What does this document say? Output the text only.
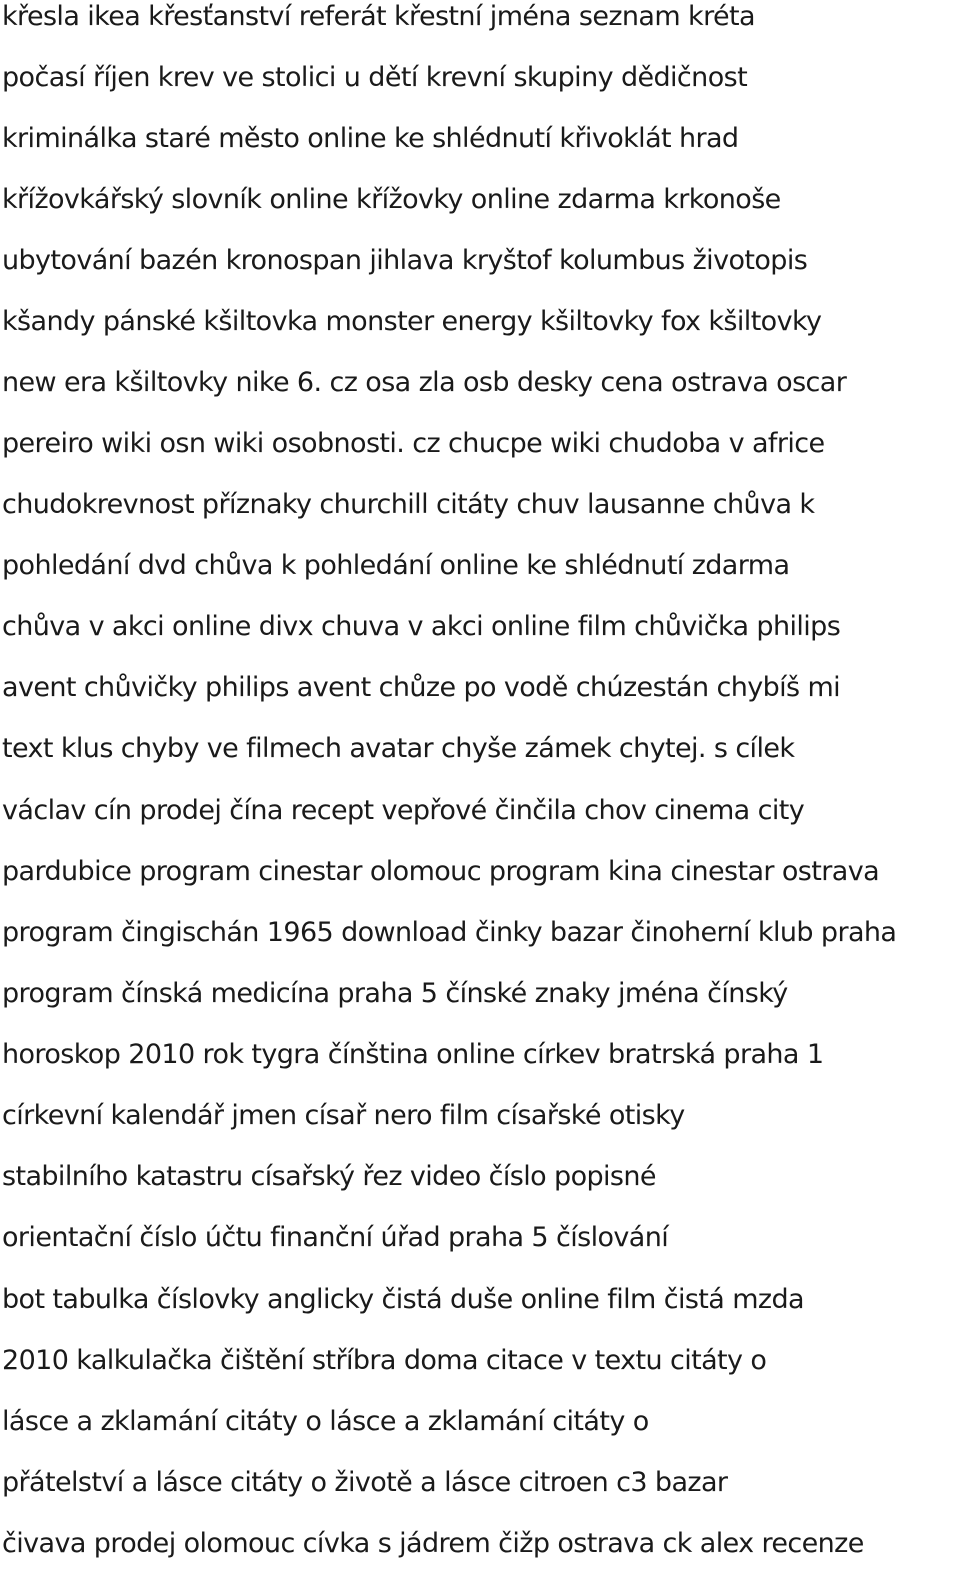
křesla ikea křesťanství referát křestní jména seznam kréta
počasí říjen krev ve stolici u dětí krevní skupiny dědičnost
kriminálka staré město online ke shlédnutí křivoklát hrad
křížovkářský slovník online křížovky online zdarma krkonoše
ubytování bazén kronospan jihlava kryštof kolumbus životopis
kšandy pánské kšiltovka monster energy kšiltovky fox kšiltovky
new era kšiltovky nike 6. cz osa zla osb desky cena ostrava oscar
pereiro wiki osn wiki osobnosti. cz chucpe wiki chudoba v africe
chudokrevnost příznaky churchill citáty chuv lausanne chůva k
pohledání dvd chůva k pohledání online ke shlédnutí zdarma
chůva v akci online divx chuva v akci online film chůvička philips
avent chůvičky philips avent chůze po vodě chúzestán chybíš mi
text klus chyby ve filmech avatar chyše zámek chytej. s cílek
václav cín prodej čína recept vepřové činčila chov cinema city
pardubice program cinestar olomouc program kina cinestar ostrava
program čingischán 1965 download činky bazar činoherní klub praha
program čínská medicína praha 5 čínské znaky jména čínský
horoskop 2010 rok tygra čínština online církev bratrská praha 1
církevní kalendář jmen císař nero film císařské otisky
stabilního katastru císařský řez video číslo popisné
orientační číslo účtu finanční úřad praha 5 číslování
bot tabulka číslovky anglicky čistá duše online film čistá mzda
2010 kalkulačka čištění stříbra doma citace v textu citáty o
lásce a zklamání citáty o lásce a zklamání citáty o
přátelství a lásce citáty o životě a lásce citroen c3 bazar
čivava prodej olomouc cívka s jádrem čižp ostrava ck alex recenze
